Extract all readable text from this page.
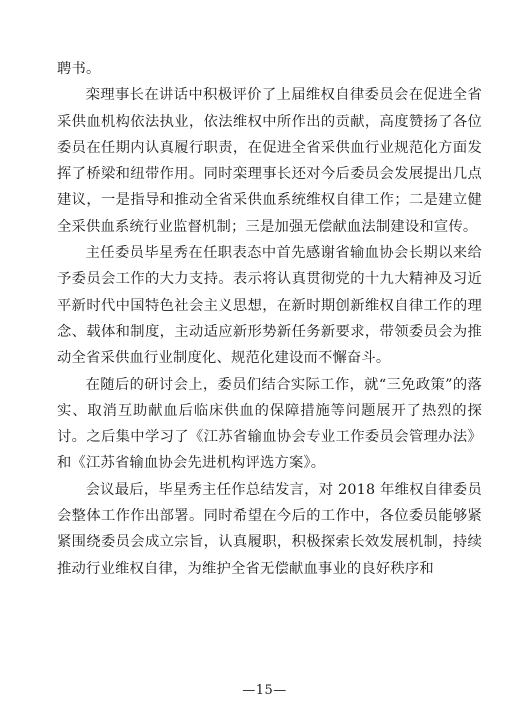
聘书。

栾理事长在讲话中积极评价了上届维权自律委员会在促进全省采供血机构依法执业，依法维权中所作出的贡献，高度赞扬了各位委员在任期内认真履行职责，在促进全省采供血行业规范化方面发挥了桥梁和纽带作用。同时栾理事长还对今后委员会发展提出几点建议，一是指导和推动全省采供血系统维权自律工作；二是建立健全采供血系统行业监督机制；三是加强无偿献血法制建设和宣传。

主任委员毕星秀在任职表态中首先感谢省输血协会长期以来给予委员会工作的大力支持。表示将认真贯彻党的十九大精神及习近平新时代中国特色社会主义思想，在新时期创新维权自律工作的理念、载体和制度，主动适应新形势新任务新要求，带领委员会为推动全省采供血行业制度化、规范化建设而不懈奋斗。

在随后的研讨会上，委员们结合实际工作，就“三免政策”的落实、取消互助献血后临床供血的保障措施等问题展开了热烈的探讨。之后集中学习了《江苏省输血协会专业工作委员会管理办法》和《江苏省输血协会先进机构评选方案》。

会议最后，毕星秀主任作总结发言，对 2018 年维权自律委员会整体工作作出部署。同时希望在今后的工作中，各位委员能够紧紧围绕委员会成立宗旨，认真履职，积极探索长效发展机制，持续推动行业维权自律，为维护全省无偿献血事业的良好秩序和

—15—
